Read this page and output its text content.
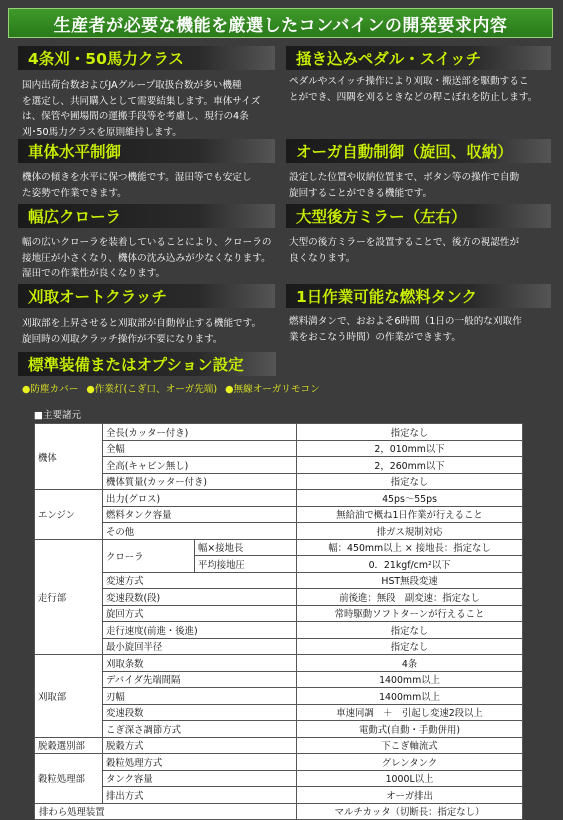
生産者が必要な機能を厳選したコンバインの開発要求内容
4条刈・50馬力クラス
国内出荷台数およびJAグループ取扱台数が多い機種
を選定し、共同購入として需要結集します。車体サイズ
は、保管や圃場間の運搬手段等を考慮し、現行の4条
刈･50馬力クラスを原則維持します。
掻き込みペダル・スイッチ
ペダルやスイッチ操作により刈取・搬送部を駆動するこ
とができ、四隅を刈るときなどの稈こぼれを防止します。
車体水平制御
機体の傾きを水平に保つ機能です。湿田等でも安定し
た姿勢で作業できます。
オーガ自動制御（旋回、収納）
設定した位置や収納位置まで、ボタン等の操作で自動
旋回することができる機能です。
幅広クローラ
幅の広いクローラを装着していることにより、クローラの
接地圧が小さくなり、機体の沈み込みが少なくなります。
湿田での作業性が良くなります。
大型後方ミラー（左右）
大型の後方ミラーを設置することで、後方の視認性が
良くなります。
刈取オートクラッチ
刈取部を上昇させると刈取部が自動停止する機能です。
旋回時の刈取クラッチ操作が不要になります。
1日作業可能な燃料タンク
燃料満タンで、おおよそ6時間（1日の一般的な刈取作
業をおこなう時間）の作業ができます。
標準装備またはオプション設定
●防塵カバー ●作業灯(こぎ口、オーガ先端) ●無線オーガリモコン
■主要諸元
機体	全長(カッター付き)		指定なし
	全幅		2，010mm以下
	全高(キャビン無し)		2，260mm以下
	機体質量(カッター付き)		指定なし
エンジン	出力(グロス)		45ps～55ps
	燃料タンク容量		無給油で概ね1日作業が行えること
	その他		排ガス規制対応
走行部	クローラ	幅×接地長	幅：450mm以上 × 接地長：指定なし
		平均接地圧	0．21kgf/cm²以下
	変速方式		HST無段変速
	変速段数(段)		前後進：無段　副変速：指定なし
	旋回方式		常時駆動ソフトターンが行えること
	走行速度(前進・後進)		指定なし
	最小旋回半径		指定なし
刈取部	刈取条数		4条
	デバイダ先端間隔		1400mm以上
	刃幅		1400mm以上
	変速段数		車速同調　＋　引起し変速2段以上
	こぎ深さ調節方式		電動式(自動・手動併用)
脱穀選別部	脱穀方式		下こぎ軸流式
穀粒処理部	穀粒処理方式		グレンタンク
	タンク容量		1000L以上
	排出方式		オーガ排出
排わら処理装置			マルチカッタ（切断長：指定なし）
